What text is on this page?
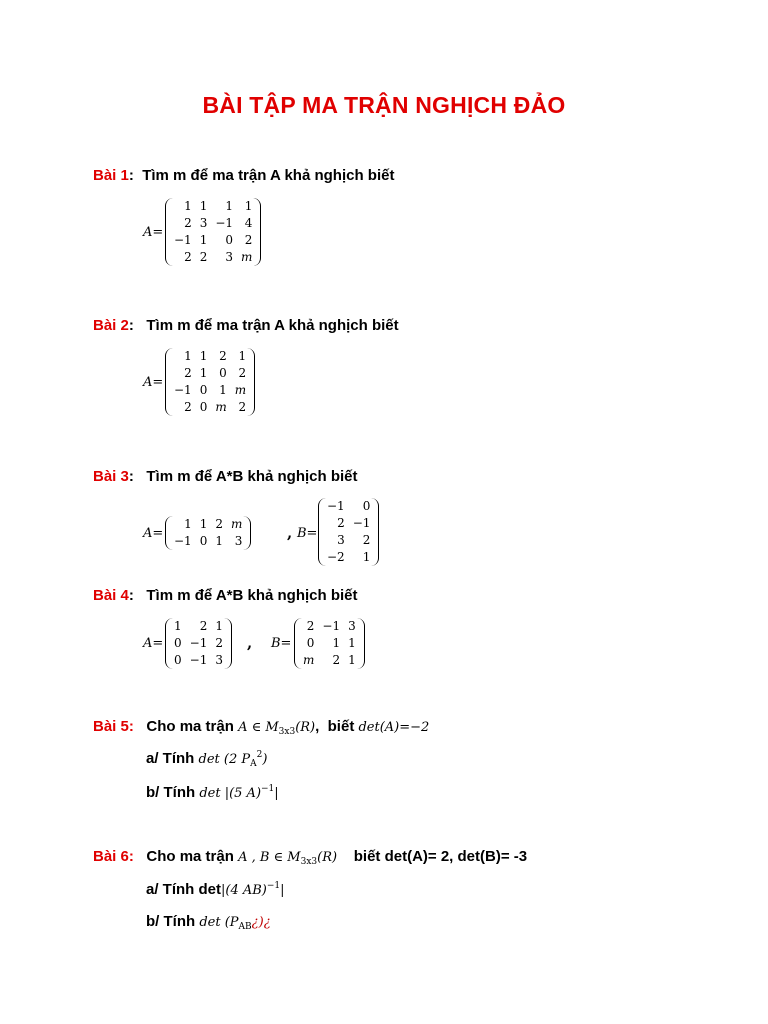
BÀI TẬP MA TRẬN NGHỊCH ĐẢO
Bài 1: Tìm m để ma trận A khả nghịch biết
A=
1	1	1	1
2	3	−1	4
−1	1	0	2
2	2	3	m
Bài 2: Tìm m để ma trận A khả nghịch biết
A=
1	1	2	1
2	1	0	2
−1	0	1	m
2	0	m	2
Bài 3: Tìm m để A*B khả nghịch biết
A=
1	1	2	m
−1	0	1	3	, B=
−1	0
2	−1
3	2
−2	1
Bài 4: Tìm m để A*B khả nghịch biết
A=
1	2	1
0	−1	2
0	−1	3
, B=
2	−1	3
0	1	1
m	2	1
Bài 5: Cho ma trận A ∈ $M_{3x3}(R)$, biết det(A)=−2
a/ Tính det (2 $P_A^2$)
b/ Tính det |(5 A)$^{-1}$|
Bài 6: Cho ma trận A , B ∈ $M_{3x3}(R)$ biết det(A)= 2, det(B)= -3
a/ Tính det|(4 AB)$^{-1}$|
b/ Tính $\det (P_{AB}¿)¿$
